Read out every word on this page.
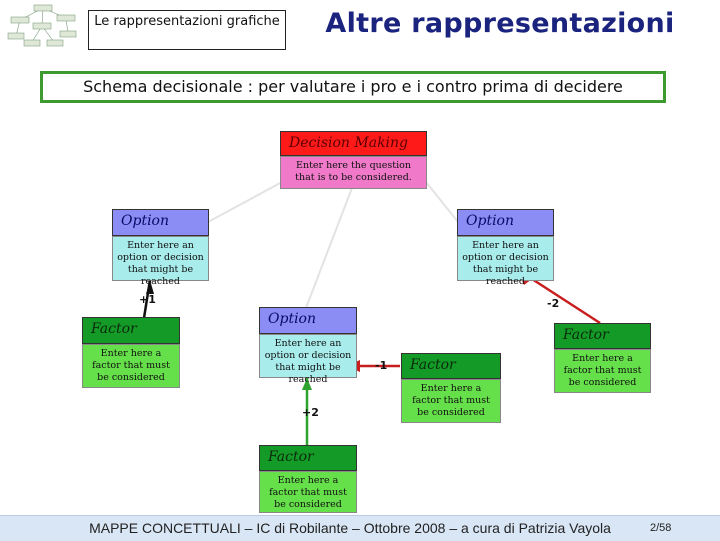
Le rappresentazioni grafiche	Altre rappresentazioni
Schema decisionale : per valutare i pro e i contro prima di decidere
Decision Making
Enter here the question that is to be considered.
Option
Enter here an option or decision that might be reached
Option
Enter here an option or decision that might be reached
Option
Enter here an option or decision that might be reached
Factor
Enter here a factor that must be considered
Factor
Enter here a factor that must be considered
Factor
Enter here a factor that must be considered
Factor
Enter here a factor that must be considered
+1	-2
-1
+2
MAPPE CONCETTUALI – IC di Robilante – Ottobre 2008 – a cura di Patrizia Vayola	2/58
